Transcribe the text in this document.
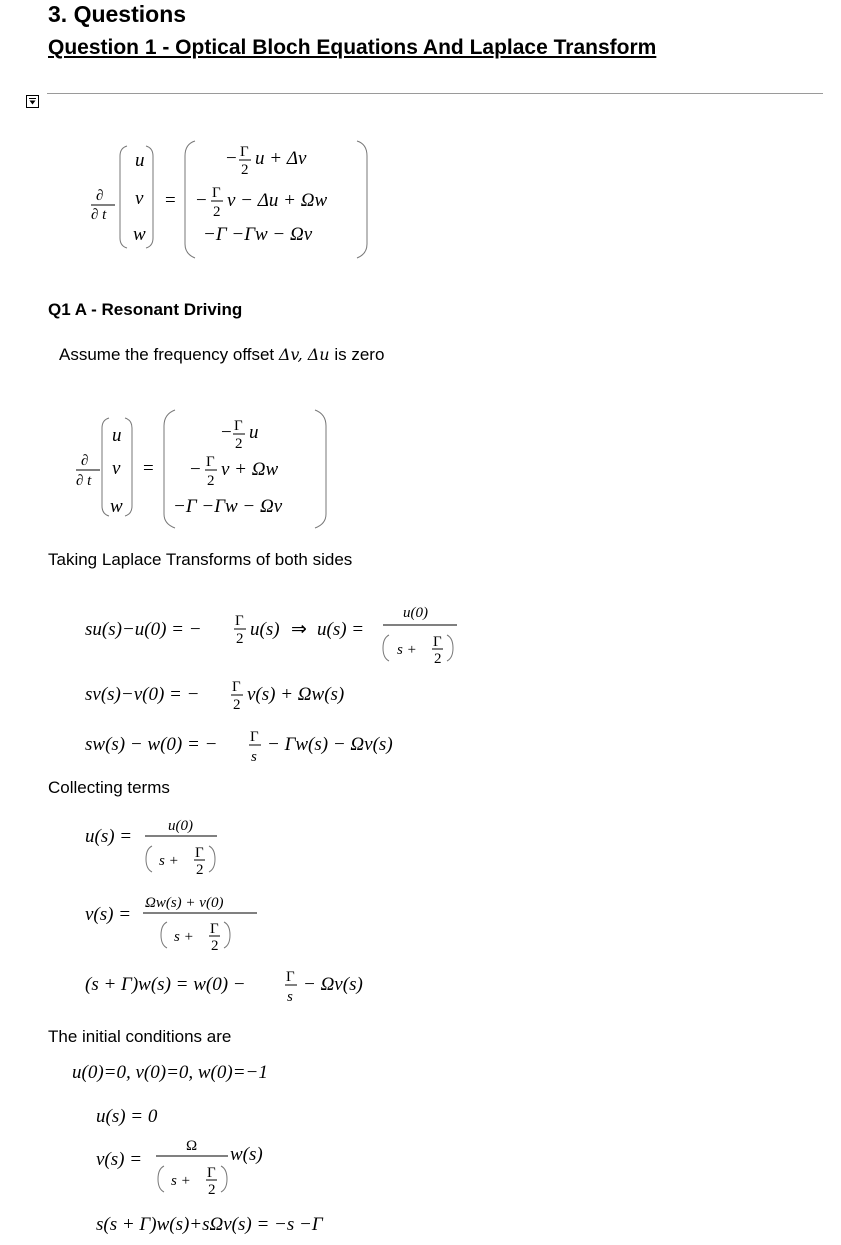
3. Questions
Question 1 - Optical Bloch Equations And Laplace Transform
∂
∂ t
u
v
w
=
− Γ
2
u + Δv
− Γ
2
v − Δu + Ωw
−Γ −Γw − Ωv
Q1 A - Resonant Driving
Assume the frequency offset Δv, Δu is zero
∂
∂ t
u
v
w
=
− Γ
2
u
− Γ
2
v + Ωw
−Γ −Γw − Ωv
Taking Laplace Transforms of both sides
su(s)−u(0) = − Γ
2 u(s) ⇒ u(s) =
u(0)
s + Γ
2
sv(s)−v(0) = − Γ
2 v(s) + Ωw(s)
sw(s) − w(0) = − Γ
s
− Γw(s) − Ωv(s)
Collecting terms
u(s) = u(0)
s + Γ
2
v(s) =
Ωw(s) + v(0)
s + Γ
2
(s + Γ)w(s) = w(0) −	Γ
s
− Ωv(s)
The initial conditions are
u(0)=0, v(0)=0, w(0)=−1
u(s) = 0
v(s) =
Ω
s + Γ
2
w(s)
s(s + Γ)w(s)+sΩv(s) = −s −Γ
